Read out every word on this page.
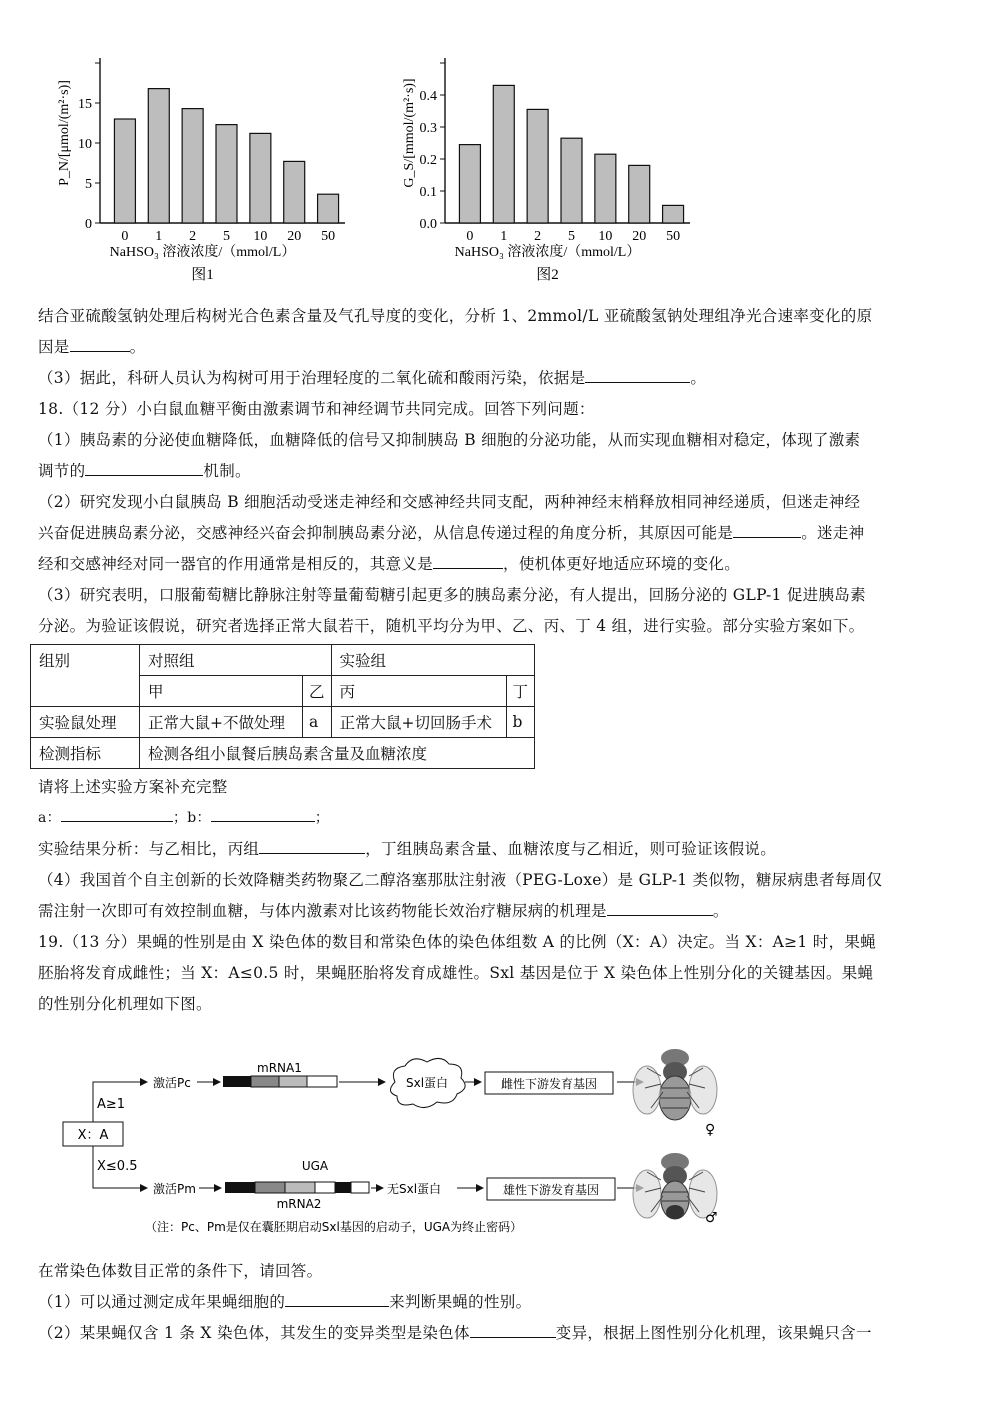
0
5
10
15
0 1 2 5 10 20 50
P_N/[μmol/(m²·s)]
NaHSO₃ 溶液浓度/（mmol/L）
图1
0.0
0.1
0.2
0.3
0.4
0 1 2 5 10 20 50
G_S/[mmol/(m²·s)]
NaHSO₃ 溶液浓度/（mmol/L）
图2
结合亚硫酸氢钠处理后构树光合色素含量及气孔导度的变化，分析 1、2mmol/L 亚硫酸氢钠处理组净光合速率变化的原
因是	。
（3）据此，科研人员认为构树可用于治理轻度的二氧化硫和酸雨污染，依据是	。
18.（12 分）小白鼠血糖平衡由激素调节和神经调节共同完成。回答下列问题：
（1）胰岛素的分泌使血糖降低，血糖降低的信号又抑制胰岛 B 细胞的分泌功能，从而实现血糖相对稳定，体现了激素
调节的	机制。
（2）研究发现小白鼠胰岛 B 细胞活动受迷走神经和交感神经共同支配，两种神经末梢释放相同神经递质，但迷走神经
兴奋促进胰岛素分泌，交感神经兴奋会抑制胰岛素分泌，从信息传递过程的角度分析，其原因可能是	。迷走神
经和交感神经对同一器官的作用通常是相反的，其意义是	，使机体更好地适应环境的变化。
（3）研究表明，口服葡萄糖比静脉注射等量葡萄糖引起更多的胰岛素分泌，有人提出，回肠分泌的 GLP-1 促进胰岛素
分泌。为验证该假说，研究者选择正常大鼠若干，随机平均分为甲、乙、丙、丁 4 组，进行实验。部分实验方案如下。
组别	对照组		实验组	
	甲	乙	丙	丁
实验鼠处理	正常大鼠+不做处理	a	正常大鼠+切回肠手术	b
检测指标	检测各组小鼠餐后胰岛素含量及血糖浓度			
请将上述实验方案补充完整
a：	；b：	；
实验结果分析：与乙相比，丙组	，丁组胰岛素含量、血糖浓度与乙相近，则可验证该假说。
（4）我国首个自主创新的长效降糖类药物聚乙二醇洛塞那肽注射液（PEG-Loxe）是 GLP-1 类似物，糖尿病患者每周仅
需注射一次即可有效控制血糖，与体内激素对比该药物能长效治疗糖尿病的机理是	。
19.（13 分）果蝇的性别是由 X 染色体的数目和常染色体的染色体组数 A 的比例（X：A）决定。当 X：A≥1 时，果蝇
胚胎将发育成雌性；当 X：A≤0.5 时，果蝇胚胎将发育成雄性。Sxl 基因是位于 X 染色体上性别分化的关键基因。果蝇
的性别分化机理如下图。
X：A
A≥1
X≤0.5
激活Pc
mRNA1
Sxl蛋白	雌性下游发育基因
♀
激活Pm
UGA
mRNA2
无Sxl蛋白	雄性下游发育基因
♂
（注：Pc、Pm是仅在囊胚期启动Sxl基因的启动子，UGA为终止密码）
在常染色体数目正常的条件下，请回答。
（1）可以通过测定成年果蝇细胞的	来判断果蝇的性别。
（2）某果蝇仅含 1 条 X 染色体，其发生的变异类型是染色体	变异，根据上图性别分化机理，该果蝇只含一
